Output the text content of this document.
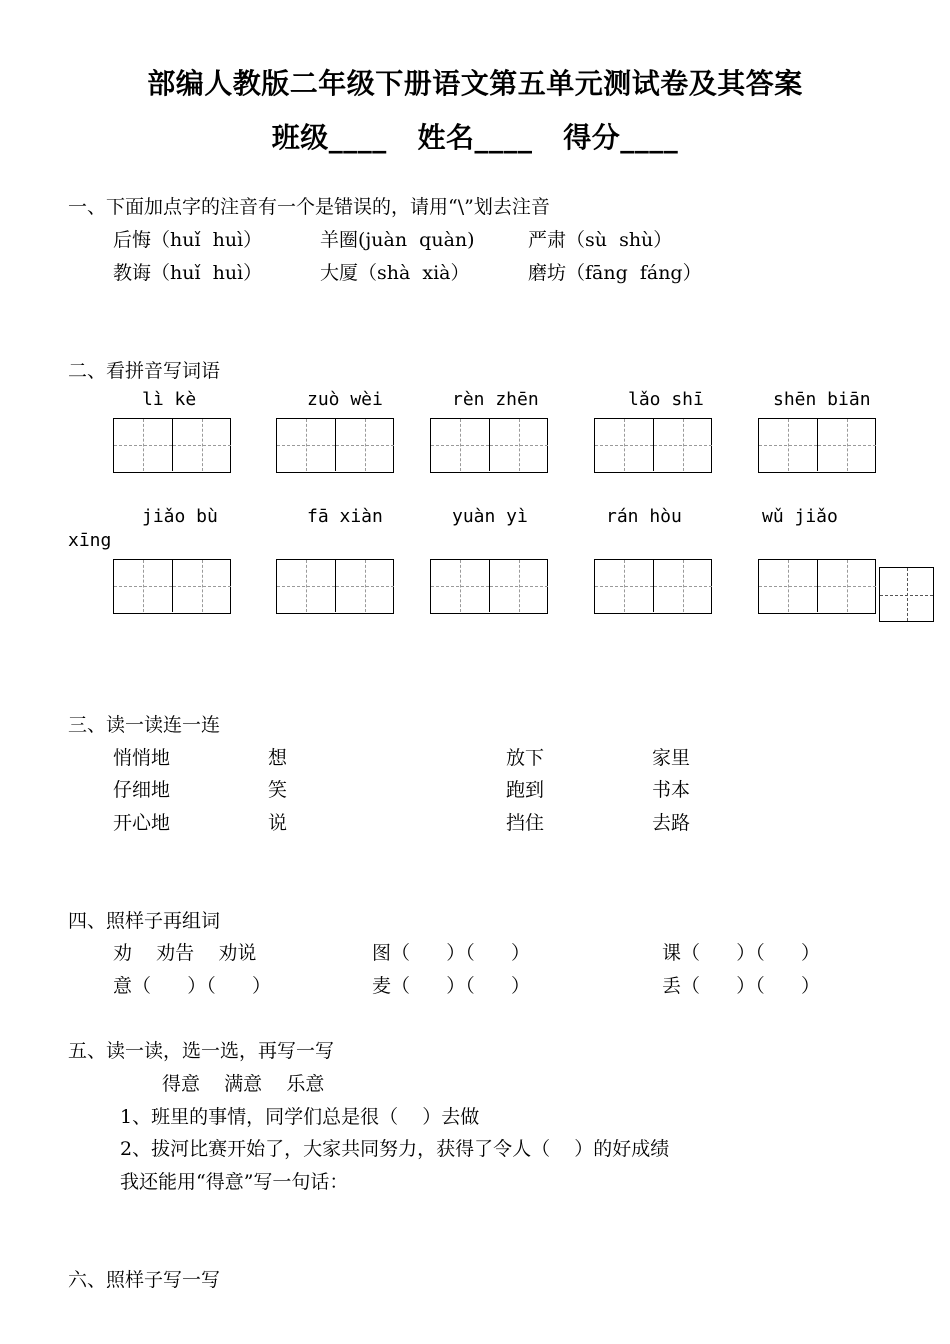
部编人教版二年级下册语文第五单元测试卷及其答案
班级____   姓名____   得分____
一、下面加点字的注音有一个是错误的，请用“\”划去注音
后悔（huǐ  huì）	羊圈(juàn  quàn)	严肃（sù  shù）
教诲（huǐ  huì）	大厦（shà  xià）	磨坊（fāng  fáng）
二、看拼音写词语
lì kè	zuò wèi	rèn zhēn	lǎo shī	shēn biān
jiǎo bù	fā xiàn	yuàn yì	rán hòu	wǔ jiǎo
xīng
三、读一读连一连
悄悄地	想	放下	家里
仔细地	笑	跑到	书本
开心地	说	挡住	去路
四、照样子再组词
劝    劝告    劝说	图（      ）（      ）	课（      ）（      ）
意（      ）（      ）	麦（      ）（      ）	丢（      ）（      ）
五、读一读，选一选，再写一写
得意    满意    乐意
1、班里的事情，同学们总是很（    ）去做
2、拔河比赛开始了，大家共同努力，获得了令人（    ）的好成绩
我还能用“得意”写一句话：
六、照样子写一写
